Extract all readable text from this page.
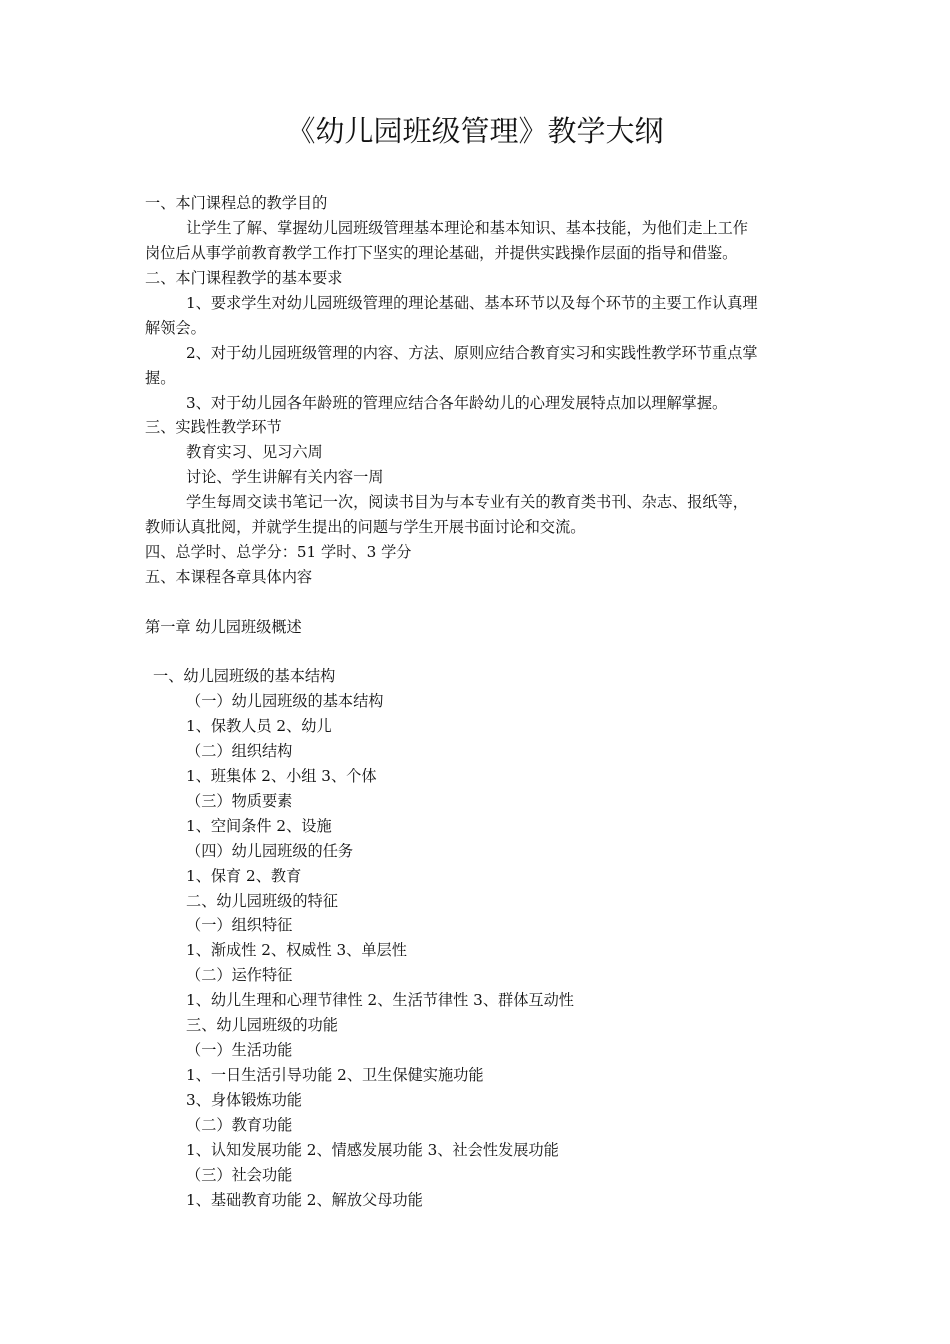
《幼儿园班级管理》教学大纲
一、本门课程总的教学目的
让学生了解、掌握幼儿园班级管理基本理论和基本知识、基本技能，为他们走上工作
岗位后从事学前教育教学工作打下坚实的理论基础，并提供实践操作层面的指导和借鉴。
二、本门课程教学的基本要求
1、要求学生对幼儿园班级管理的理论基础、基本环节以及每个环节的主要工作认真理
解领会。
2、对于幼儿园班级管理的内容、方法、原则应结合教育实习和实践性教学环节重点掌
握。
3、对于幼儿园各年龄班的管理应结合各年龄幼儿的心理发展特点加以理解掌握。
三、实践性教学环节
教育实习、见习六周
讨论、学生讲解有关内容一周
学生每周交读书笔记一次，阅读书目为与本专业有关的教育类书刊、杂志、报纸等，
教师认真批阅，并就学生提出的问题与学生开展书面讨论和交流。
四、总学时、总学分：51 学时、3 学分
五、本课程各章具体内容
第一章 幼儿园班级概述
一、幼儿园班级的基本结构
（一）幼儿园班级的基本结构
1、保教人员 2、幼儿
（二）组织结构
1、班集体 2、小组 3、个体
（三）物质要素
1、空间条件 2、设施
（四）幼儿园班级的任务
1、保育 2、教育
二、幼儿园班级的特征
（一）组织特征
1、渐成性 2、权威性 3、单层性
（二）运作特征
1、幼儿生理和心理节律性 2、生活节律性 3、群体互动性
三、幼儿园班级的功能
（一）生活功能
1、一日生活引导功能 2、卫生保健实施功能
3、身体锻炼功能
（二）教育功能
1、认知发展功能 2、情感发展功能 3、社会性发展功能
（三）社会功能
1、基础教育功能 2、解放父母功能
